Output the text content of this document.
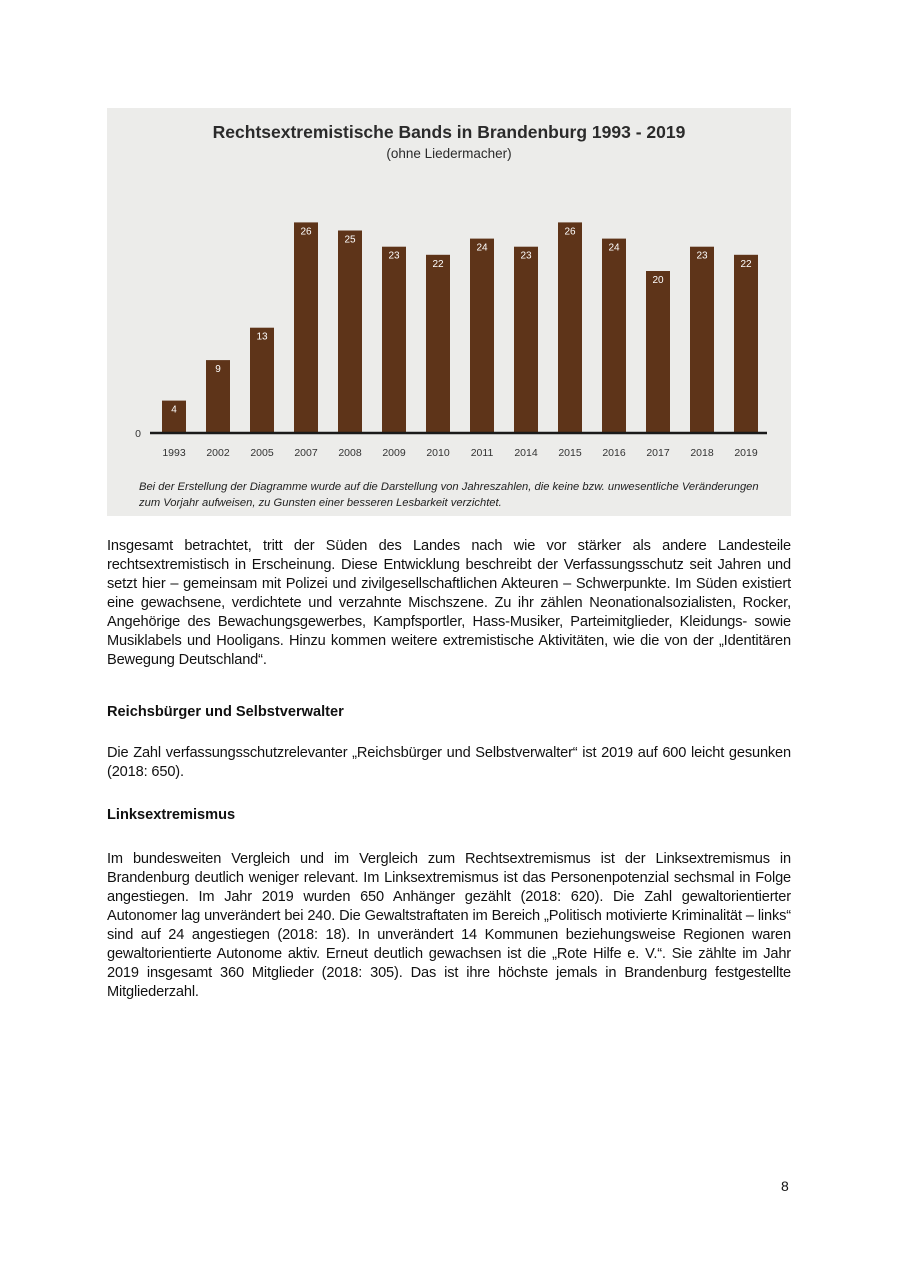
Rechtsextremistische Bands in Brandenburg 1993 - 2019
(ohne Liedermacher)
4
1993
9
2002
13
2005
26
2007
25
2008
23
2009
22
2010
24
2011
23
2014
26
2015
24
2016
20
2017
23
2018
22
2019
0
Bei der Erstellung der Diagramme wurde auf die Darstellung von Jahreszahlen, die keine bzw. unwesentliche Veränderungen zum Vorjahr aufweisen, zu Gunsten einer besseren Lesbarkeit verzichtet.
Insgesamt betrachtet, tritt der Süden des Landes nach wie vor stärker als andere Landesteile rechtsextremistisch in Erscheinung. Diese Entwicklung beschreibt der Verfassungsschutz seit Jahren und setzt hier – gemeinsam mit Polizei und zivilgesellschaftlichen Akteuren – Schwerpunkte. Im Süden existiert eine gewachsene, verdichtete und verzahnte Mischszene. Zu ihr zählen Neonationalsozialisten, Rocker, Angehörige des Bewachungsgewerbes, Kampfsportler, Hass-Musiker, Parteimitglieder, Kleidungs- sowie Musiklabels und Hooligans. Hinzu kommen weitere extremistische Aktivitäten, wie die von der „Identitären Bewegung Deutschland“.
Reichsbürger und Selbstverwalter
Die Zahl verfassungsschutzrelevanter „Reichsbürger und Selbstverwalter“ ist 2019 auf 600 leicht gesunken (2018: 650).
Linksextremismus
Im bundesweiten Vergleich und im Vergleich zum Rechtsextremismus ist der Linksextremismus in Brandenburg deutlich weniger relevant. Im Linksextremismus ist das Personenpotenzial sechsmal in Folge angestiegen. Im Jahr 2019 wurden 650 Anhänger gezählt (2018: 620). Die Zahl gewaltorientierter Autonomer lag unverändert bei 240. Die Gewaltstraftaten im Bereich „Politisch motivierte Kriminalität – links“ sind auf 24 angestiegen (2018: 18). In unverändert 14 Kommunen beziehungsweise Regionen waren gewaltorientierte Autonome aktiv. Erneut deutlich gewachsen ist die „Rote Hilfe e. V.“. Sie zählte im Jahr 2019 insgesamt 360 Mitglieder (2018: 305). Das ist ihre höchste jemals in Brandenburg festgestellte Mitgliederzahl.
8
